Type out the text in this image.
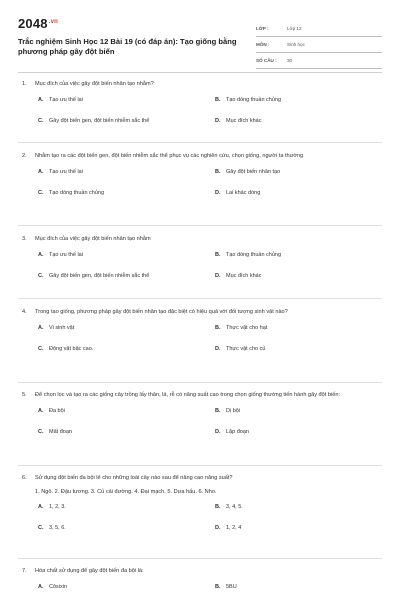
$2048^{.vn}$
Trắc nghiệm Sinh Học 12 Bài 19 (có đáp án): Tạo giống bằng phương pháp gây đột biến
LỚP :	Lớp 12
MÔN :	Sinh học
SỐ CÂU : 30
1. Mục đích của việc gây đột biến nhân tạo nhằm?
A. Tạo ưu thế lai	B. Tạo dòng thuần chủng
C. Gây đột biến gen, đột biến nhiễm sắc thể	D. Mục đích khác
2. Nhằm tạo ra các đột biến gen, đột biến nhiễm sắc thể phục vụ các nghiên cứu, chọn giống, người ta thường
A. Tạo ưu thế lai	B. Gây đột biến nhân tạo
C. Tạo dòng thuần chủng	D. Lai khác dòng
3. Mục đích của việc gây đột biến nhân tạo nhằm
A. Tạo ưu thế lai	B. Tạo dòng thuần chủng
C. Gây đột biến gen, đột biến nhiễm sắc thể	D. Mục đích khác
4. Trong tạo giống, phương pháp gây đột biến nhân tạo đặc biệt có hiệu quả với đối tượng sinh vật nào?
A. Vi sinh vật	B. Thực vật cho hạt
C. Động vật bậc cao.	D. Thực vật cho củ
5. Để chọn lọc và tạo ra các giống cây trồng lấy thân, lá, rễ có năng suất cao trong chọn giống thường tiến hành gây đột biến:
A. Đa bội	B. Dị bội
C. Mất đoạn	D. Lặp đoạn
6. Sử dụng đột biến đa bội lẻ cho những loài cây nào sau để nâng cao năng suất?
1. Ngô. 2. Đậu tương. 3. Củ cải đường. 4. Đại mạch. 5. Dưa hấu. 6. Nho.
A. 1, 2, 3.	B. 3, 4, 5.
C. 3, 5, 6.	D. 1, 2, 4
7. Hóa chất sử dụng để gây đột biến đa bội là:
A. Côsixin	B. 5BU
